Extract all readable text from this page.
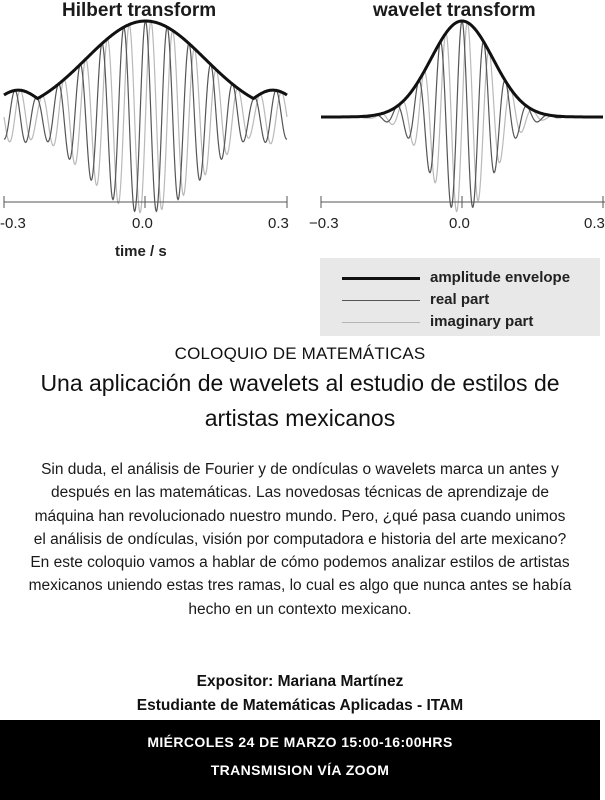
Hilbert transform	wavelet transform
-0.3	0.0	0.3 −0.3	0.0	0.3
time / s
amplitude envelope
real part
imaginary part
COLOQUIO DE MATEMÁTICAS
Una aplicación de wavelets al estudio de estilos de artistas mexicanos
Sin duda, el análisis de Fourier y de ondículas o wavelets marca un antes y después en las matemáticas. Las novedosas técnicas de aprendizaje de máquina han revolucionado nuestro mundo. Pero, ¿qué pasa cuando unimos el análisis de ondículas, visión por computadora e historia del arte mexicano? En este coloquio vamos a hablar de cómo podemos analizar estilos de artistas mexicanos uniendo estas tres ramas, lo cual es algo que nunca antes se había hecho en un contexto mexicano.
Expositor: Mariana Martínez
Estudiante de Matemáticas Aplicadas - ITAM
MIÉRCOLES 24 DE MARZO 15:00-16:00HRS
TRANSMISION VÍA ZOOM
